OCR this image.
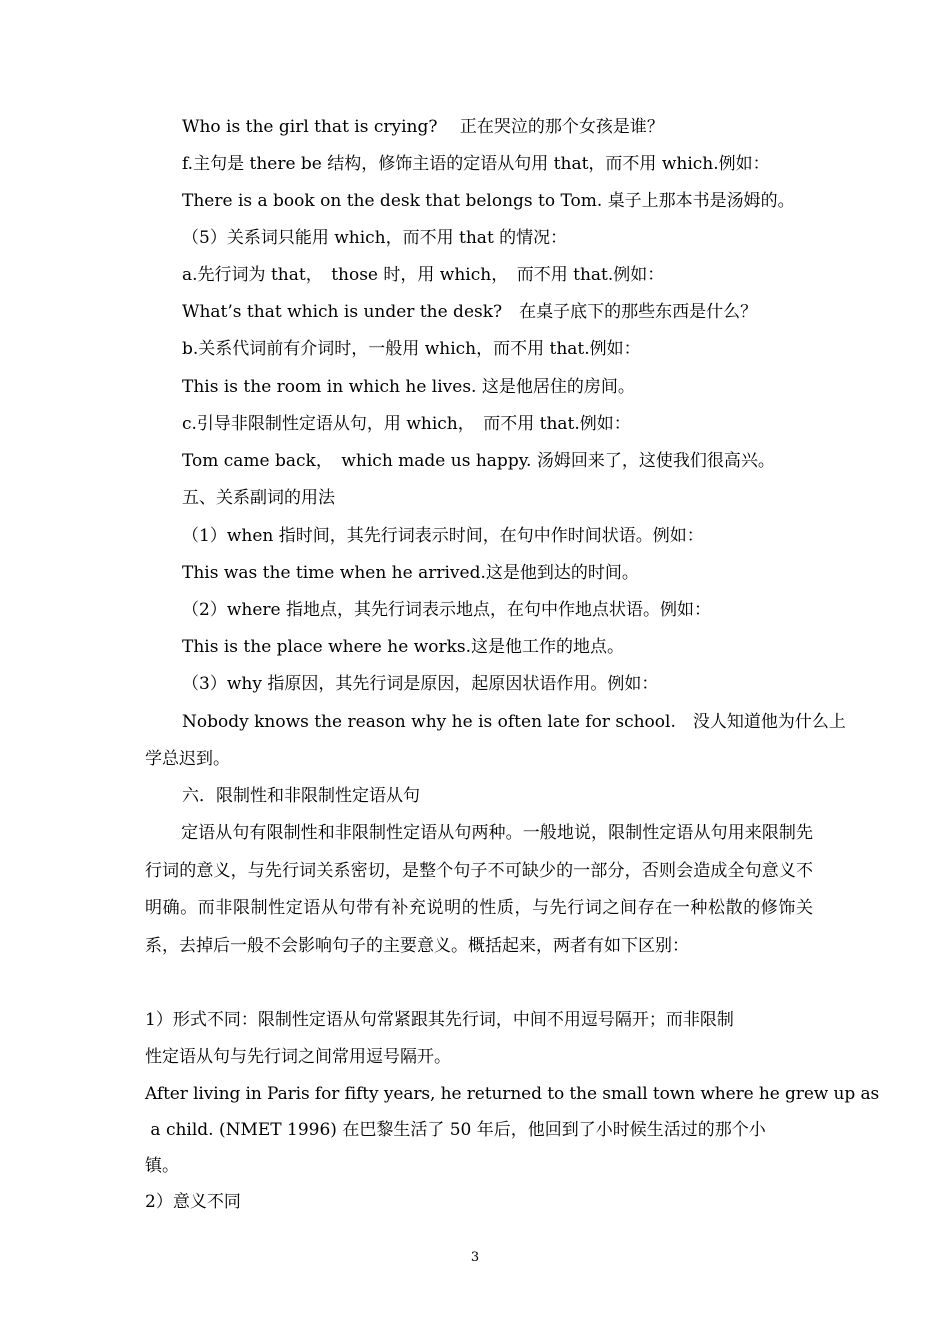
Who is the girl that is crying?　 正在哭泣的那个女孩是谁？
f.主句是 there be 结构，修饰主语的定语从句用 that，而不用 which.例如：
There is a book on the desk that belongs to Tom. 桌子上那本书是汤姆的。
（5）关系词只能用 which，而不用 that 的情况：
a.先行词为 that，　those 时，用 which，　而不用 that.例如：
What’s that which is under the desk?　在桌子底下的那些东西是什么？
b.关系代词前有介词时，一般用 which，而不用 that.例如：
This is the room in which he lives. 这是他居住的房间。
c.引导非限制性定语从句，用 which，　而不用 that.例如：
Tom came back，　which made us happy. 汤姆回来了，这使我们很高兴。
五、关系副词的用法
（1）when 指时间，其先行词表示时间，在句中作时间状语。例如：
This was the time when he arrived.这是他到达的时间。
（2）where 指地点，其先行词表示地点，在句中作地点状语。例如：
This is the place where he works.这是他工作的地点。
（3）why 指原因，其先行词是原因，起原因状语作用。例如：
Nobody knows the reason why he is often late for school.　没人知道他为什么上
学总迟到。
六．限制性和非限制性定语从句
定语从句有限制性和非限制性定语从句两种。一般地说，限制性定语从句用来限制先行词的意义，与先行词关系密切，是整个句子不可缺少的一部分，否则会造成全句意义不明确。而非限制性定语从句带有补充说明的性质，与先行词之间存在一种松散的修饰关系，去掉后一般不会影响句子的主要意义。概括起来，两者有如下区别：
1）形式不同：限制性定语从句常紧跟其先行词，中间不用逗号隔开；而非限制
性定语从句与先行词之间常用逗号隔开。
After living in Paris for fifty years, he returned to the small town where he grew up as
a child. (NMET 1996) 在巴黎生活了 50 年后，他回到了小时候生活过的那个小
镇。
2）意义不同
3
